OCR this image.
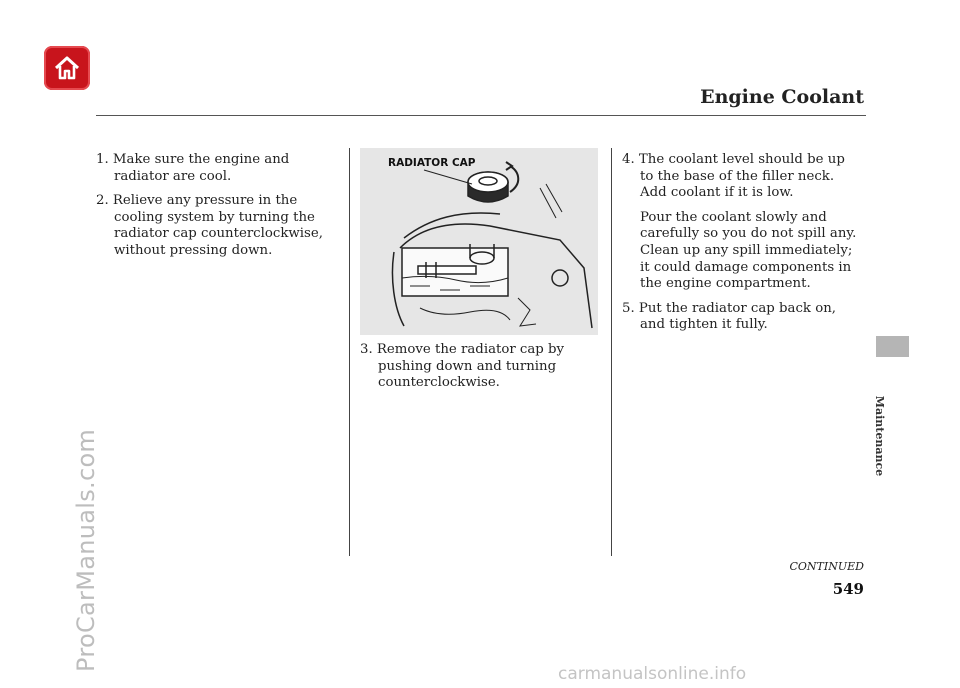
ProCarManuals.com
carmanualsonline.info
Engine Coolant
Maintenance

1. Make sure the engine and radiator are cool.

2. Relieve any pressure in the cooling system by turning the radiator cap counterclockwise, without pressing down.

RADIATOR CAP

3. Remove the radiator cap by pushing down and turning counterclockwise.

4. The coolant level should be up to the base of the filler neck. Add coolant if it is low.

Pour the coolant slowly and carefully so you do not spill any. Clean up any spill immediately; it could damage components in the engine compartment.

5. Put the radiator cap back on, and tighten it fully.

CONTINUED
549
